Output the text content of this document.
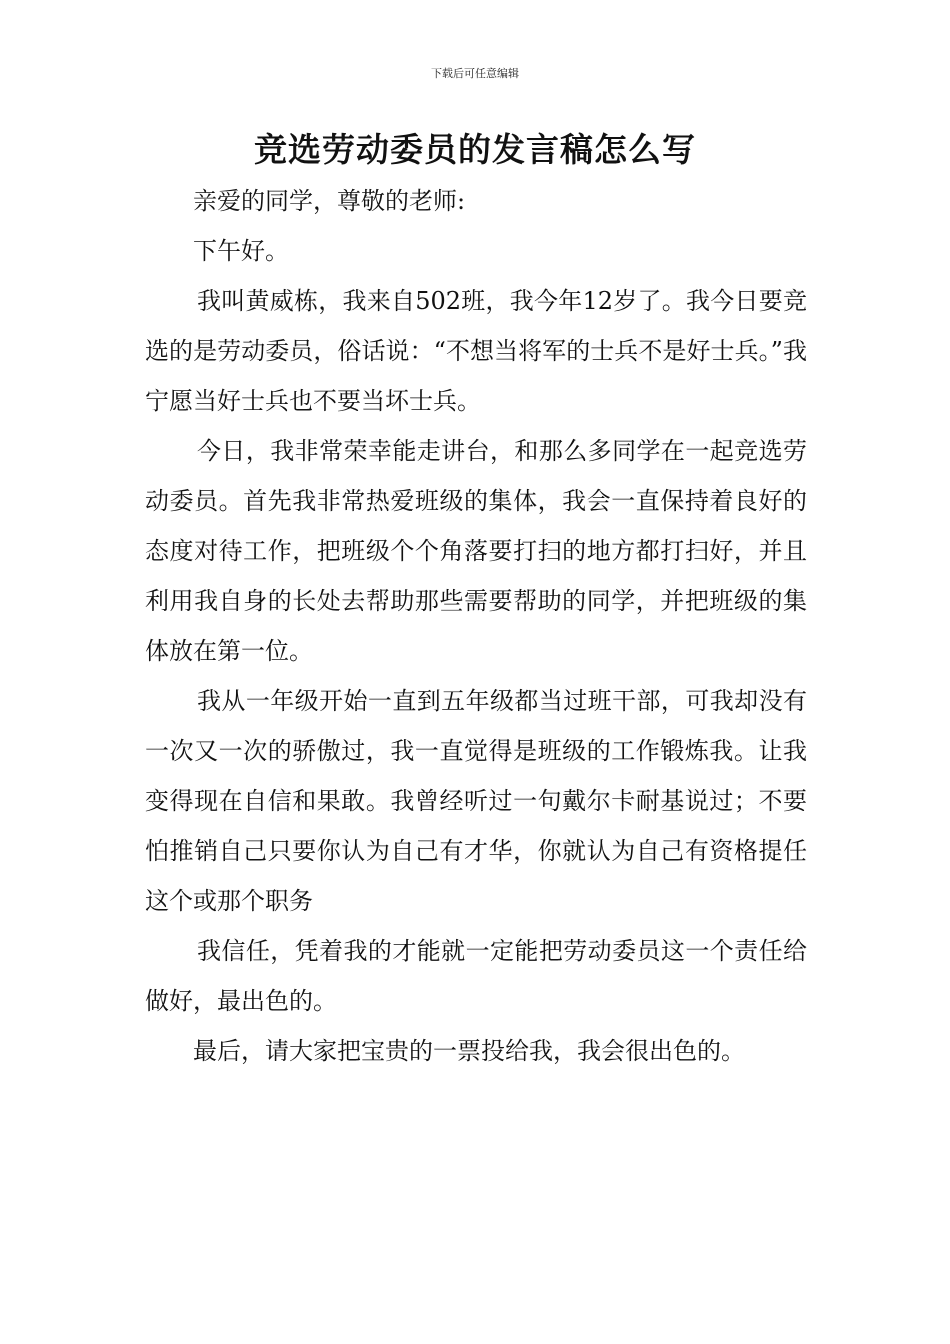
下载后可任意编辑
竞选劳动委员的发言稿怎么写

亲爱的同学，尊敬的老师:

下午好。

我叫黄威栋，我来自502班，我今年12岁了。我今日要竞选的是劳动委员，俗话说：“不想当将军的士兵不是好士兵。”我宁愿当好士兵也不要当坏士兵。

今日，我非常荣幸能走讲台，和那么多同学在一起竞选劳动委员。首先我非常热爱班级的集体，我会一直保持着良好的态度对待工作，把班级个个角落要打扫的地方都打扫好，并且利用我自身的长处去帮助那些需要帮助的同学，并把班级的集体放在第一位。

我从一年级开始一直到五年级都当过班干部，可我却没有一次又一次的骄傲过，我一直觉得是班级的工作锻炼我。让我变得现在自信和果敢。我曾经听过一句戴尔卡耐基说过；不要怕推销自己只要你认为自己有才华，你就认为自己有资格提任这个或那个职务

我信任，凭着我的才能就一定能把劳动委员这一个责任给做好，最出色的。

最后，请大家把宝贵的一票投给我，我会很出色的。
